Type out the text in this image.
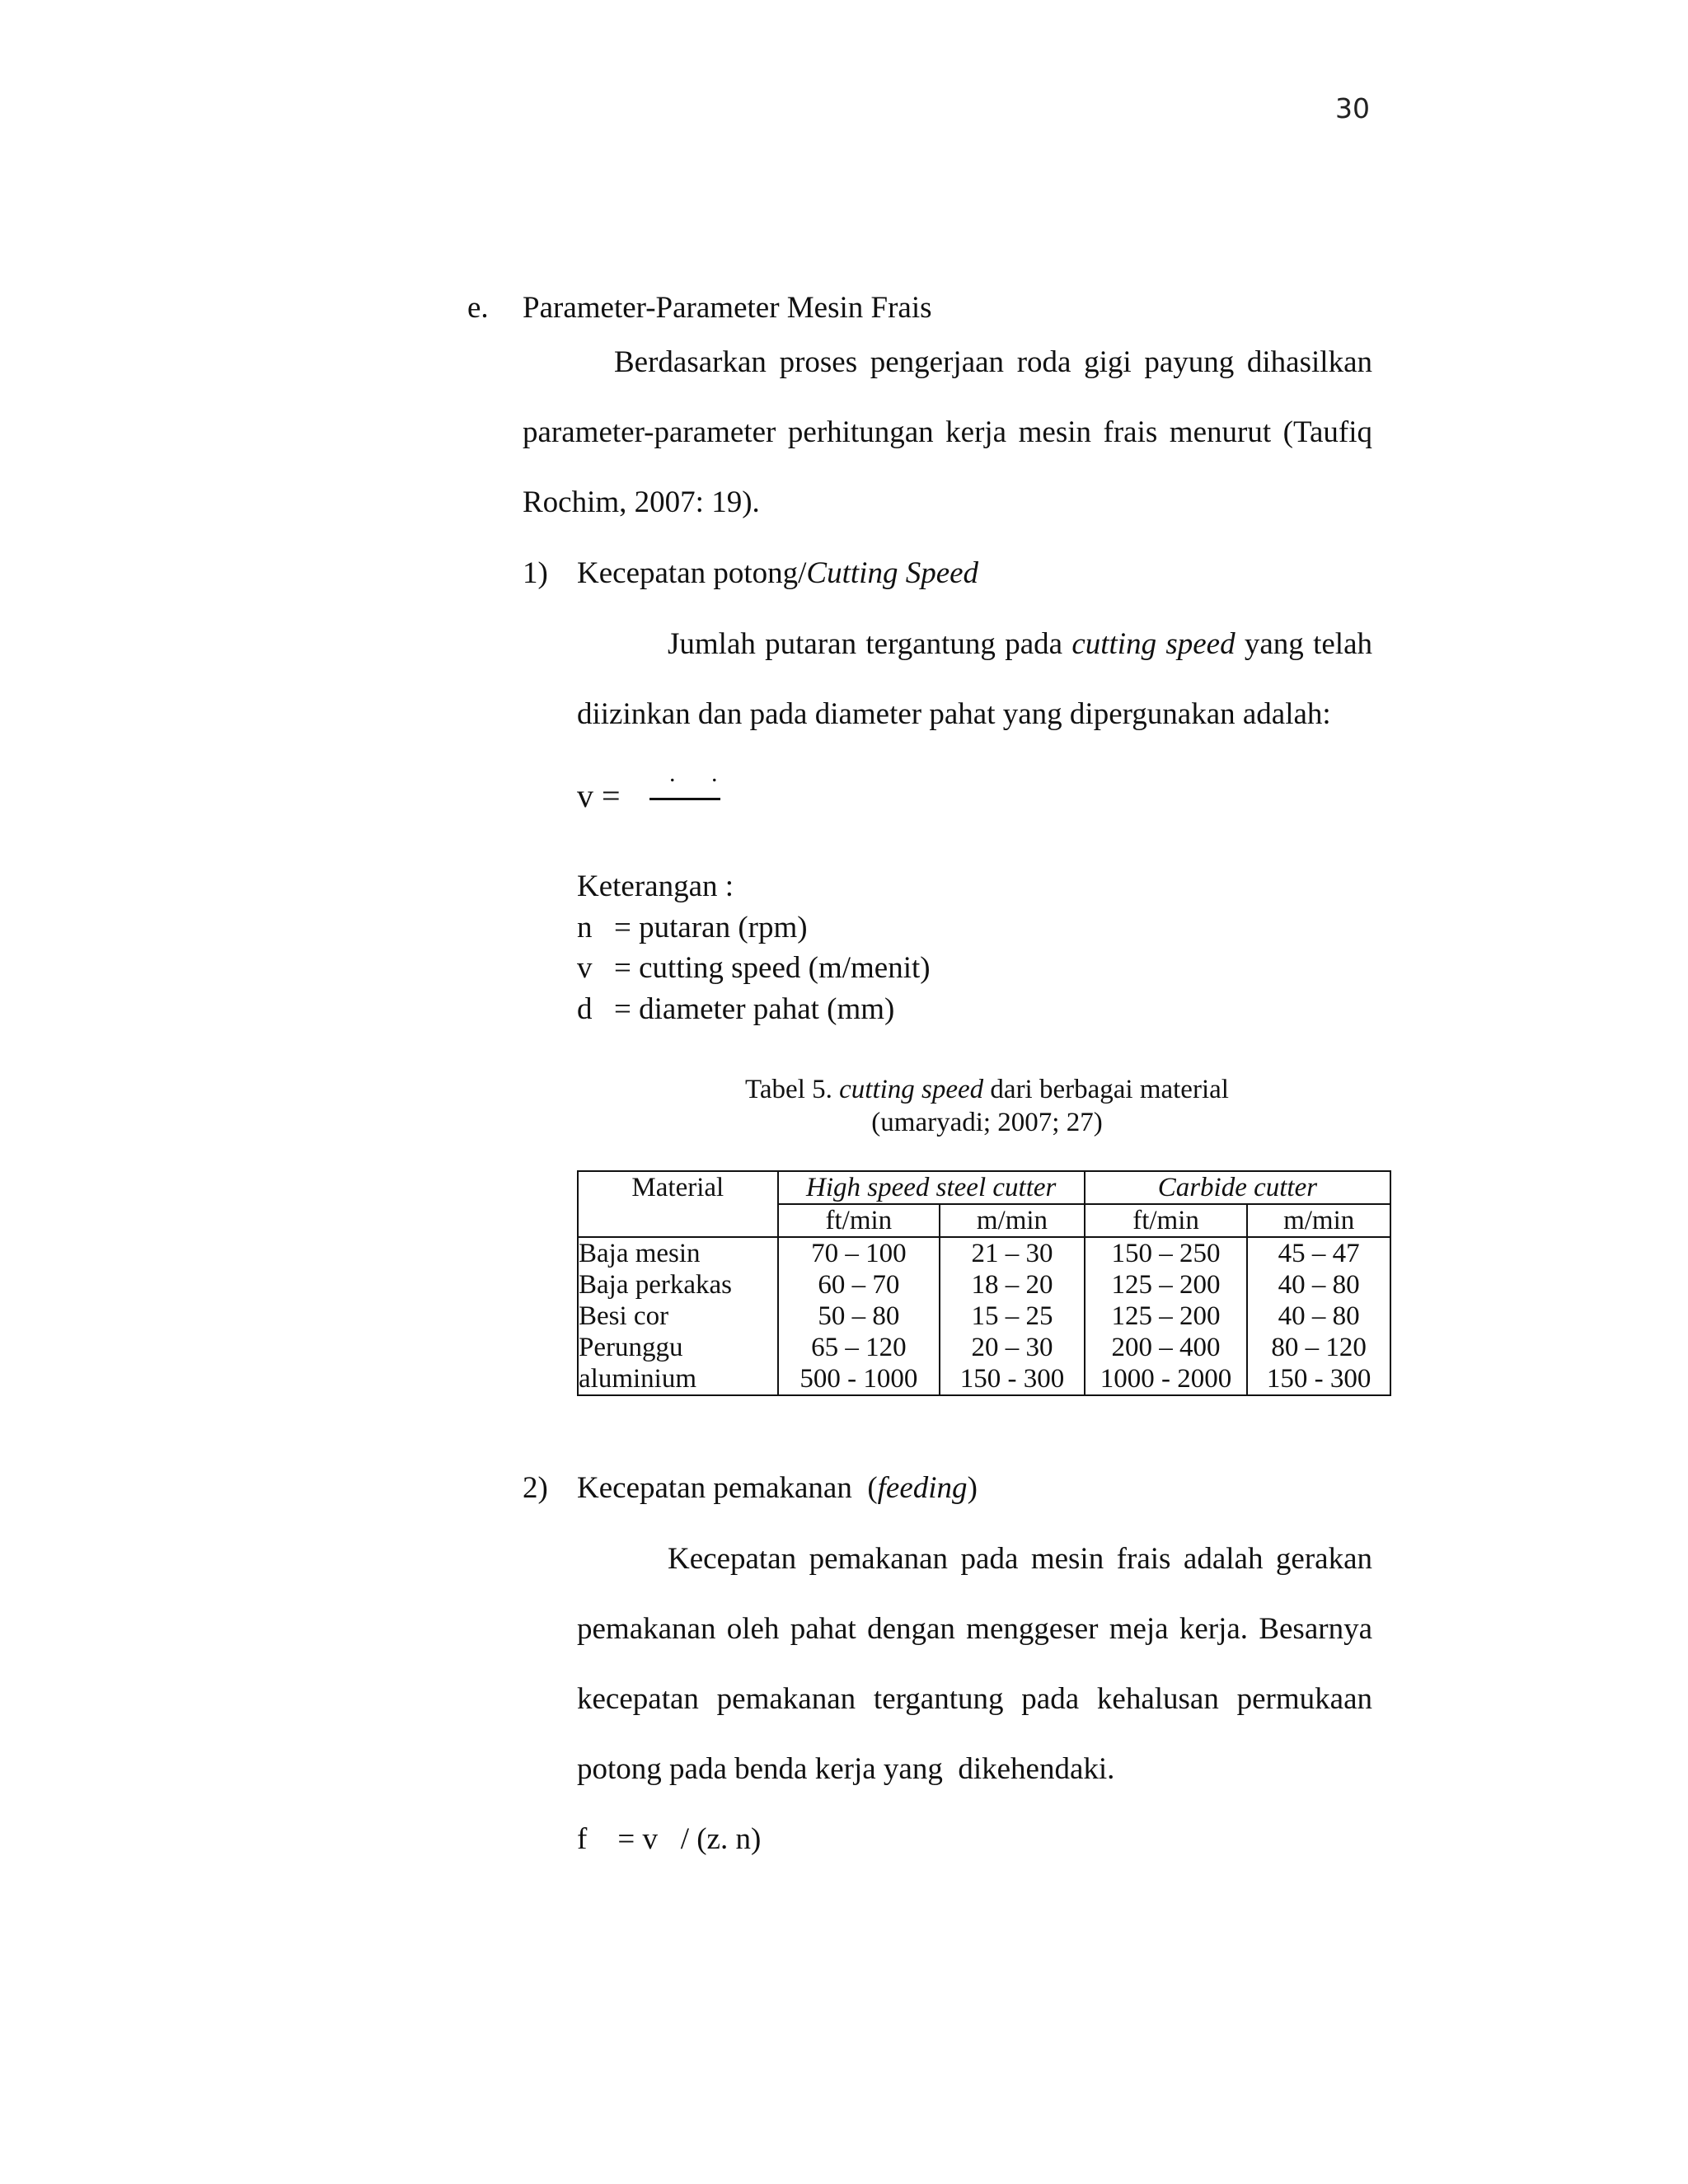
30
e. Parameter-Parameter Mesin Frais
Berdasarkan proses pengerjaan roda gigi payung dihasilkan
parameter-parameter perhitungan kerja mesin frais menurut (Taufiq
Rochim, 2007: 19).
1) Kecepatan potong/Cutting Speed
Jumlah putaran tergantung pada cutting speed yang telah
diizinkan dan pada diameter pahat yang dipergunakan adalah:
v =
. .
Keterangan :
n = putaran (rpm)
v = cutting speed (m/menit)
d = diameter pahat (mm)
Tabel 5. cutting speed dari berbagai material
(umaryadi; 2007; 27)
Material	High speed steel cutter		Carbide cutter	
	ft/min	m/min	ft/min	m/min
Baja mesin	70 – 100	21 – 30	150 – 250	45 – 47
Baja perkakas	60 – 70	18 – 20	125 – 200	40 – 80
Besi cor	50 – 80	15 – 25	125 – 200	40 – 80
Perunggu	65 – 120	20 – 30	200 – 400	80 – 120
aluminium	500 - 1000	150 - 300	1000 - 2000	150 - 300
2) Kecepatan pemakanan  (feeding)
Kecepatan pemakanan pada mesin frais adalah gerakan
pemakanan oleh pahat dengan menggeser meja kerja. Besarnya
kecepatan pemakanan tergantung pada kehalusan permukaan
potong pada benda kerja yang  dikehendaki.
f    = v   / (z. n)
